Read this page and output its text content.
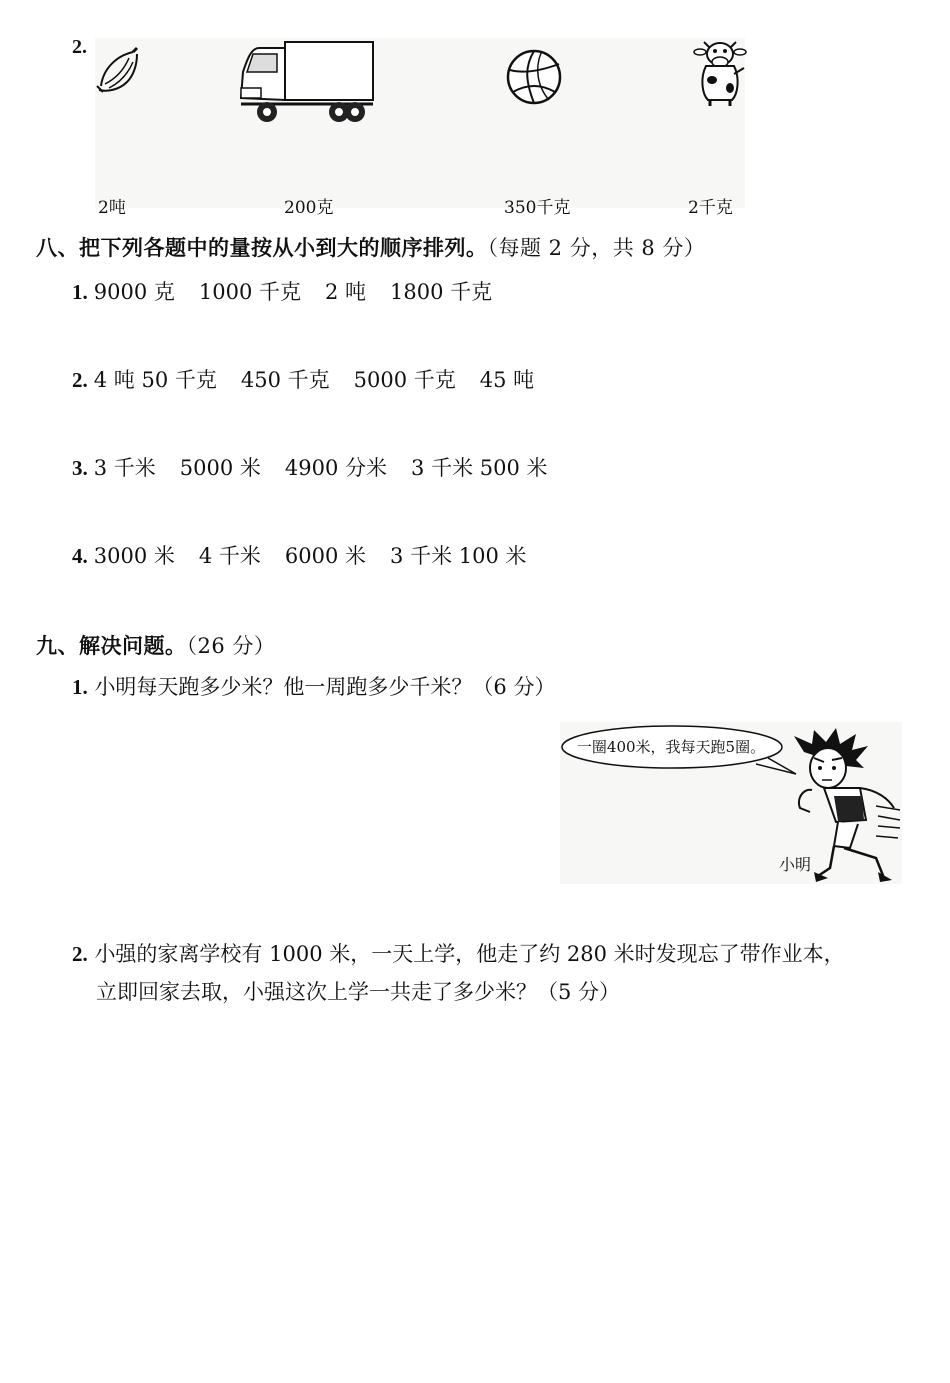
2.
2吨	200克	350千克	2千克
八、把下列各题中的量按从小到大的顺序排列。（每题 2 分，共 8 分）
1. 9000 克 1000 千克 2 吨 1800 千克
2. 4 吨 50 千克 450 千克 5000 千克 45 吨
3. 3 千米 5000 米 4900 分米 3 千米 500 米
4. 3000 米 4 千米 6000 米 3 千米 100 米
九、解决问题。（26 分）
1. 小明每天跑多少米？他一周跑多少千米？（6 分）
一圈400米，我每天跑5圈。
小明
2. 小强的家离学校有 1000 米，一天上学，他走了约 280 米时发现忘了带作业本，
立即回家去取，小强这次上学一共走了多少米？（5 分）
